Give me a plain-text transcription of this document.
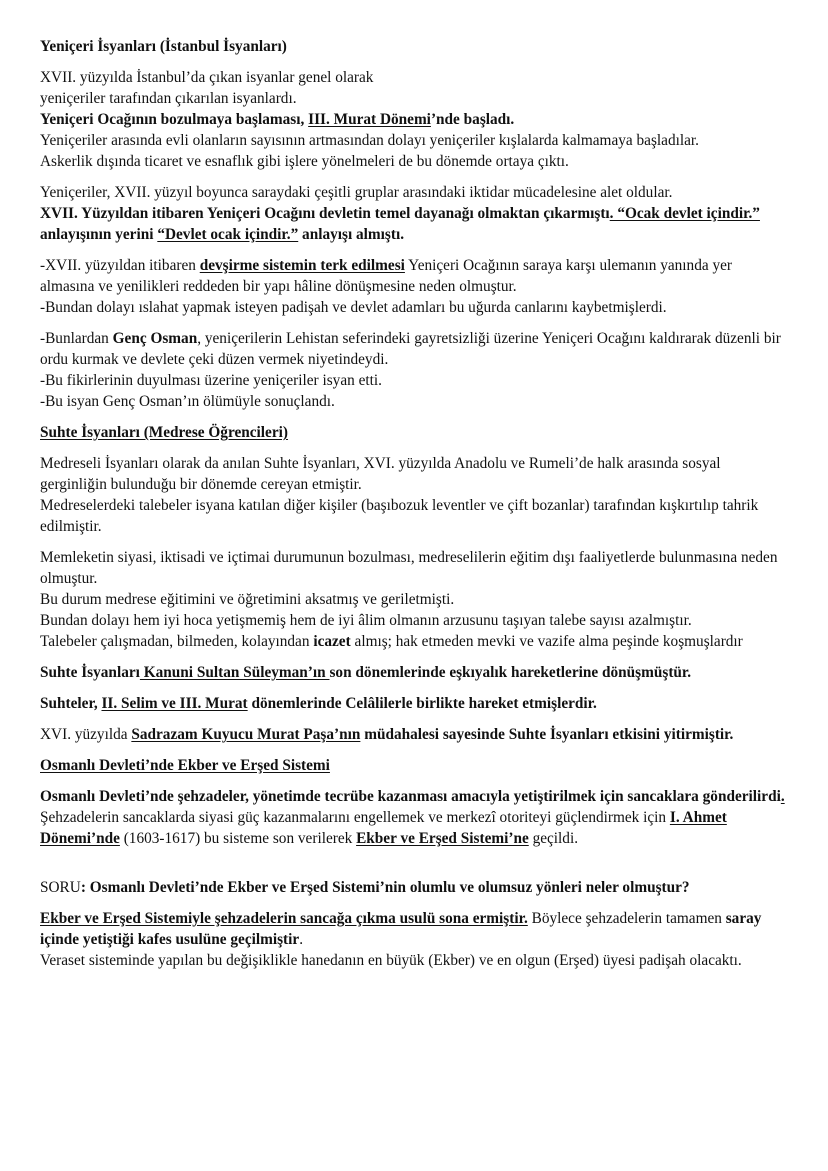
Yeniçeri İsyanları (İstanbul İsyanları)

XVII. yüzyılda İstanbul’da çıkan isyanlar genel olarak

yeniçeriler tarafından çıkarılan isyanlardı.

Yeniçeri Ocağının bozulmaya başlaması, III. Murat Dönemi’nde başladı.

Yeniçeriler arasında evli olanların sayısının artmasından dolayı yeniçeriler kışlalarda kalmamaya başladılar.

Askerlik dışında ticaret ve esnaflık gibi işlere yönelmeleri de bu dönemde ortaya çıktı.

Yeniçeriler, XVII. yüzyıl boyunca saraydaki çeşitli gruplar arasındaki iktidar mücadelesine alet oldular.

XVII. Yüzyıldan itibaren Yeniçeri Ocağını devletin temel dayanağı olmaktan çıkarmıştı. “Ocak devlet içindir.” anlayışının yerini “Devlet ocak içindir.” anlayışı almıştı.

-XVII. yüzyıldan itibaren devşirme sistemin terk edilmesi Yeniçeri Ocağının saraya karşı ulemanın yanında yer almasına ve yenilikleri reddeden bir yapı hâline dönüşmesine neden olmuştur.

-Bundan dolayı ıslahat yapmak isteyen padişah ve devlet adamları bu uğurda canlarını kaybetmişlerdi.

-Bunlardan Genç Osman, yeniçerilerin Lehistan seferindeki gayretsizliği üzerine Yeniçeri Ocağını kaldırarak düzenli bir ordu kurmak ve devlete çeki düzen vermek niyetindeydi.

-Bu fikirlerinin duyulması üzerine yeniçeriler isyan etti.

-Bu isyan Genç Osman’ın ölümüyle sonuçlandı.

Suhte İsyanları (Medrese Öğrencileri)

Medreseli İsyanları olarak da anılan Suhte İsyanları, XVI. yüzyılda Anadolu ve Rumeli’de halk arasında sosyal gerginliğin bulunduğu bir dönemde cereyan etmiştir.

Medreselerdeki talebeler isyana katılan diğer kişiler (başıbozuk leventler ve çift bozanlar) tarafından kışkırtılıp tahrik edilmiştir.

Memleketin siyasi, iktisadi ve içtimai durumunun bozulması, medreselilerin eğitim dışı faaliyetlerde bulunmasına neden olmuştur.

Bu durum medrese eğitimini ve öğretimini aksatmış ve geriletmişti.

Bundan dolayı hem iyi hoca yetişmemiş hem de iyi âlim olmanın arzusunu taşıyan talebe sayısı azalmıştır.

Talebeler çalışmadan, bilmeden, kolayından icazet almış; hak etmeden mevki ve vazife alma peşinde koşmuşlardır

Suhte İsyanları Kanuni Sultan Süleyman’ın son dönemlerinde eşkıyalık hareketlerine dönüşmüştür.

Suhteler, II. Selim ve III. Murat dönemlerinde Celâlilerle birlikte hareket etmişlerdir.

XVI. yüzyılda Sadrazam Kuyucu Murat Paşa’nın müdahalesi sayesinde Suhte İsyanları etkisini yitirmiştir.

Osmanlı Devleti’nde Ekber ve Erşed Sistemi

Osmanlı Devleti’nde şehzadeler, yönetimde tecrübe kazanması amacıyla yetiştirilmek için sancaklara gönderilirdi.

Şehzadelerin sancaklarda siyasi güç kazanmalarını engellemek ve merkezî otoriteyi güçlendirmek için I. Ahmet Dönemi’nde (1603-1617) bu sisteme son verilerek Ekber ve Erşed Sistemi’ne geçildi.

SORU: Osmanlı Devleti’nde Ekber ve Erşed Sistemi’nin olumlu ve olumsuz yönleri neler olmuştur?

Ekber ve Erşed Sistemiyle şehzadelerin sancağa çıkma usulü sona ermiştir. Böylece şehzadelerin tamamen saray içinde yetiştiği kafes usulüne geçilmiştir.

Veraset sisteminde yapılan bu değişiklikle hanedanın en büyük (Ekber) ve en olgun (Erşed) üyesi padişah olacaktı.
